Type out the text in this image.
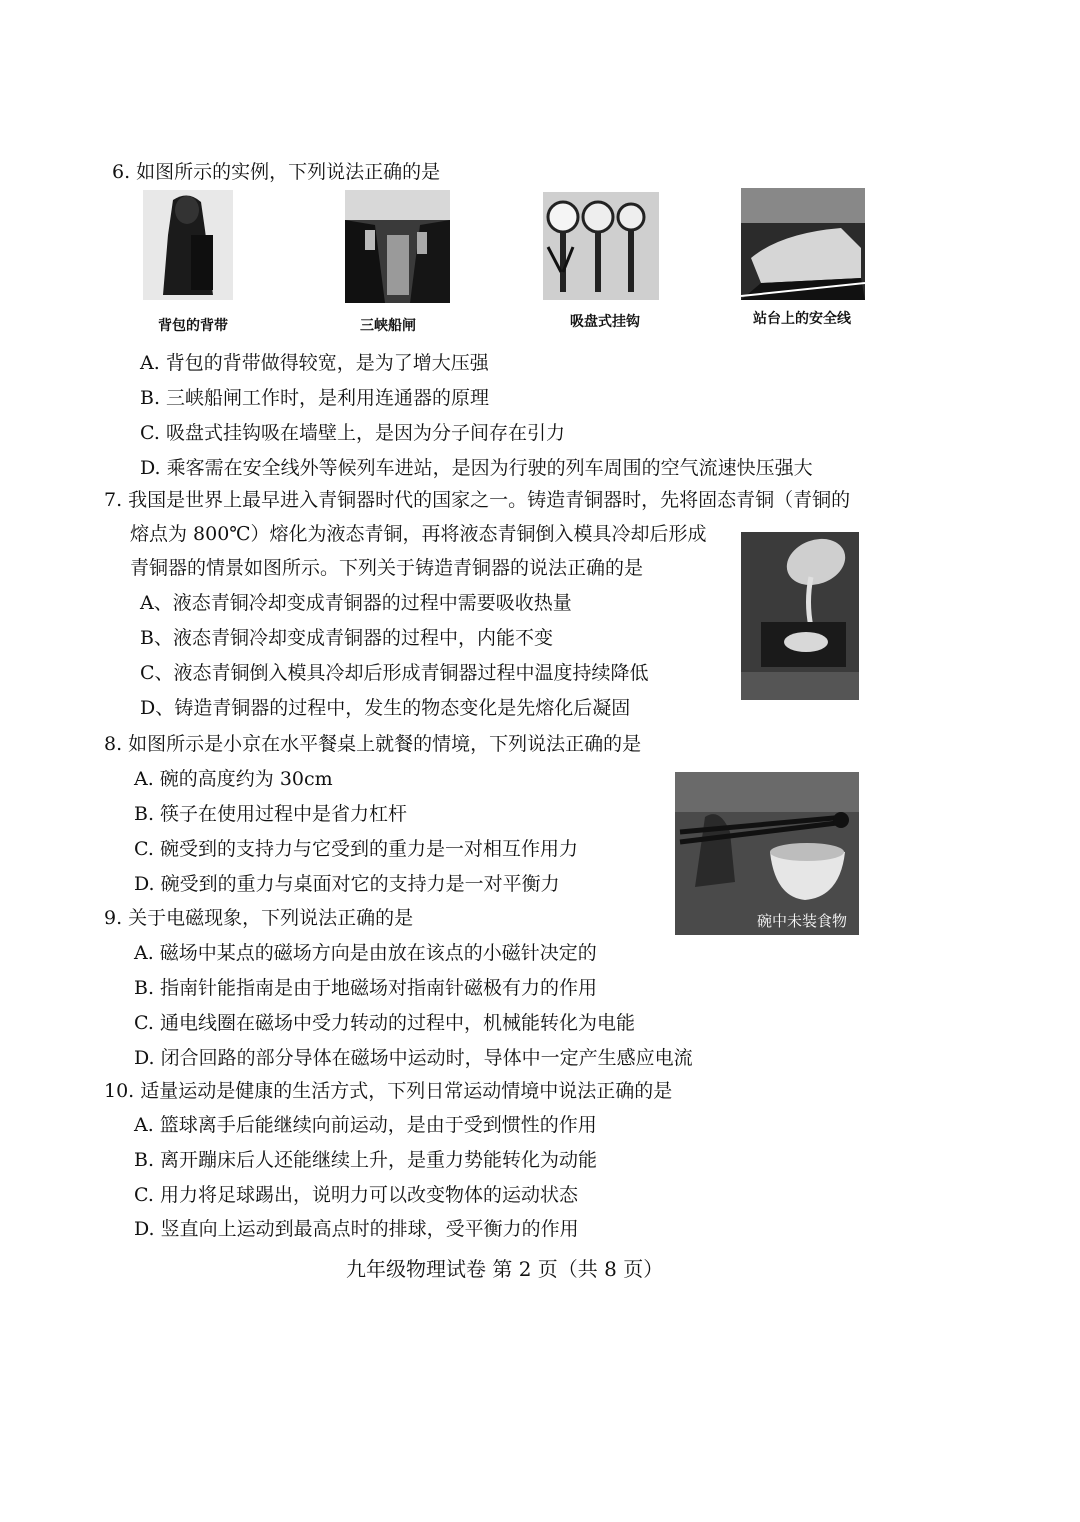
6. 如图所示的实例，下列说法正确的是
背包的背带	三峡船闸	吸盘式挂钩	站台上的安全线
A. 背包的背带做得较宽，是为了增大压强
B. 三峡船闸工作时，是利用连通器的原理
C. 吸盘式挂钩吸在墙壁上，是因为分子间存在引力
D. 乘客需在安全线外等候列车进站，是因为行驶的列车周围的空气流速快压强大
7. 我国是世界上最早进入青铜器时代的国家之一。铸造青铜器时，先将固态青铜（青铜的
熔点为 800℃）熔化为液态青铜，再将液态青铜倒入模具冷却后形成
青铜器的情景如图所示。下列关于铸造青铜器的说法正确的是
A、液态青铜冷却变成青铜器的过程中需要吸收热量
B、液态青铜冷却变成青铜器的过程中，内能不变
C、液态青铜倒入模具冷却后形成青铜器过程中温度持续降低
D、铸造青铜器的过程中，发生的物态变化是先熔化后凝固
8. 如图所示是小京在水平餐桌上就餐的情境，下列说法正确的是
碗中未装食物
A. 碗的高度约为 30cm
B. 筷子在使用过程中是省力杠杆
C. 碗受到的支持力与它受到的重力是一对相互作用力
D. 碗受到的重力与桌面对它的支持力是一对平衡力
9. 关于电磁现象，下列说法正确的是
A. 磁场中某点的磁场方向是由放在该点的小磁针决定的
B. 指南针能指南是由于地磁场对指南针磁极有力的作用
C. 通电线圈在磁场中受力转动的过程中，机械能转化为电能
D. 闭合回路的部分导体在磁场中运动时，导体中一定产生感应电流
10. 适量运动是健康的生活方式，下列日常运动情境中说法正确的是
A. 篮球离手后能继续向前运动，是由于受到惯性的作用
B. 离开蹦床后人还能继续上升，是重力势能转化为动能
C. 用力将足球踢出，说明力可以改变物体的运动状态
D. 竖直向上运动到最高点时的排球，受平衡力的作用
九年级物理试卷 第 2 页（共 8 页）
